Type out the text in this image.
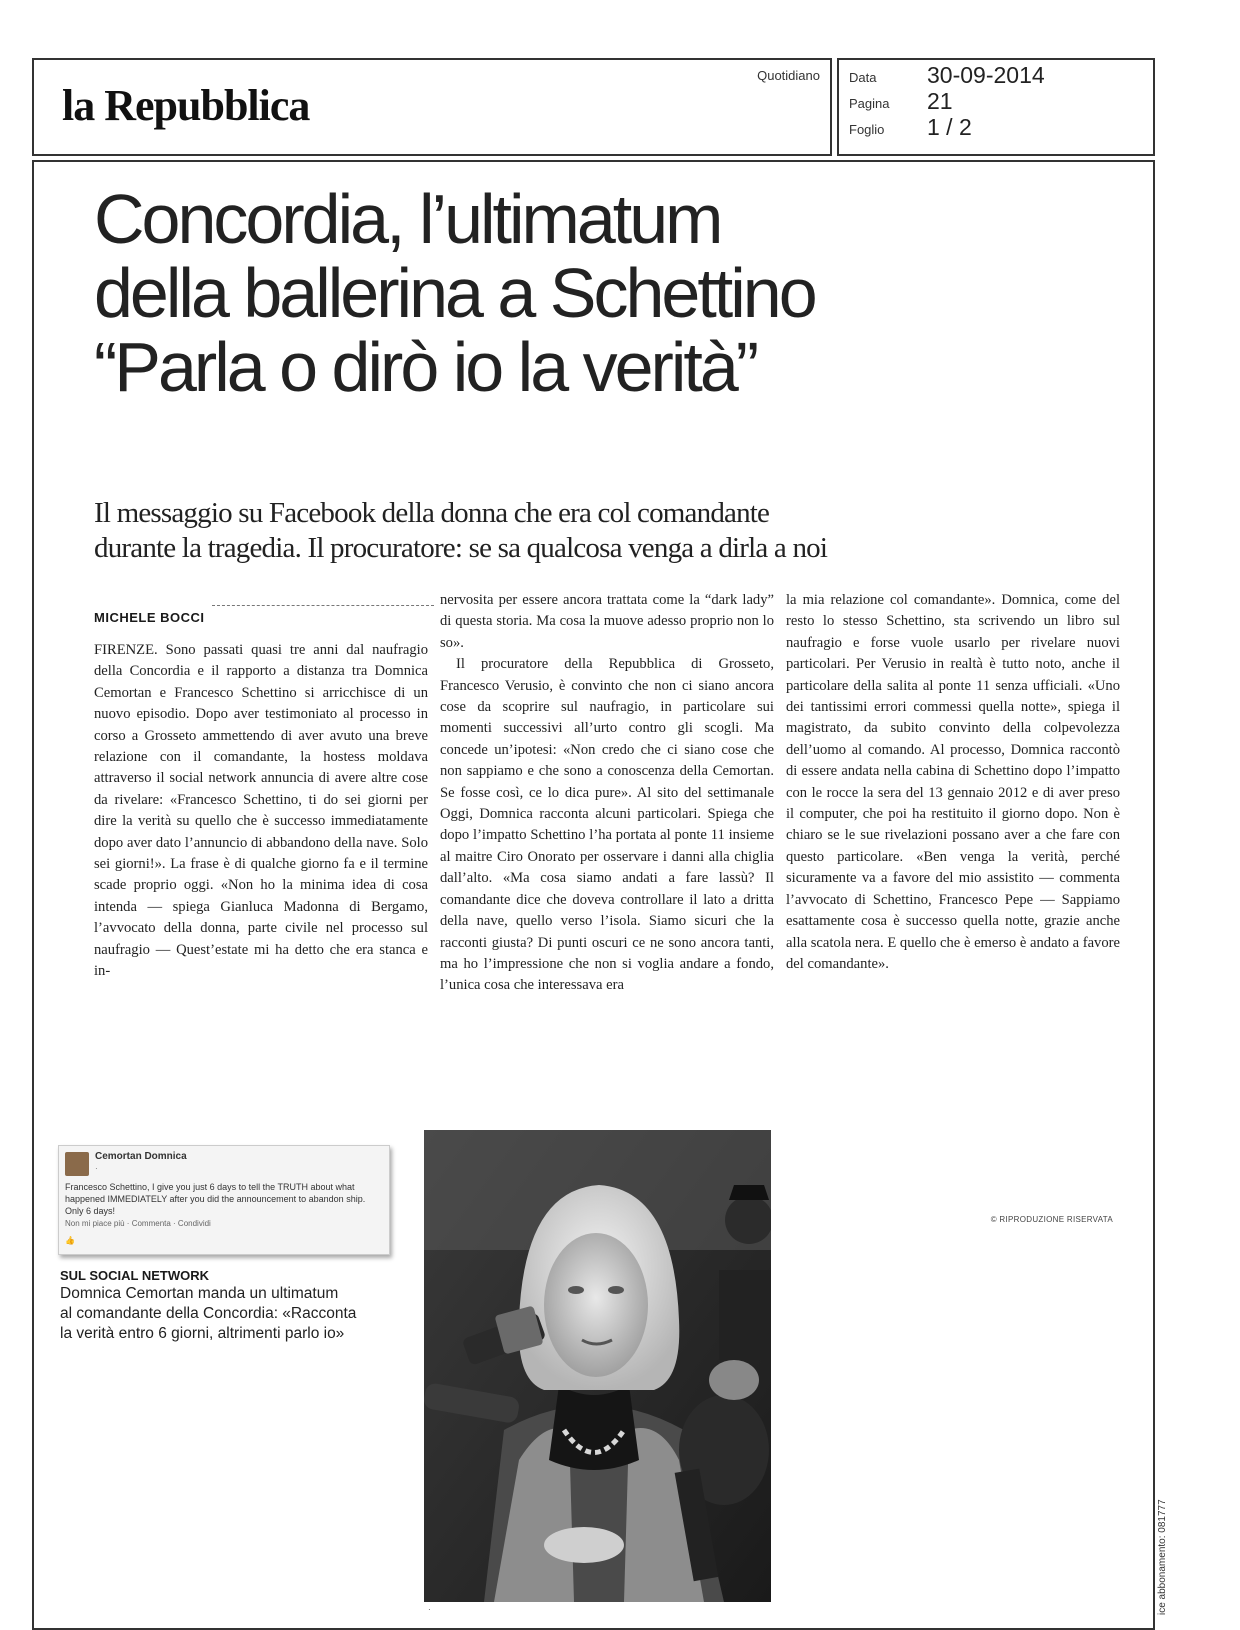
la Repubblica
Quotidiano Data 30-09-2014
Pagina 21
Foglio 1 / 2
Concordia, l’ultimatum
della ballerina a Schettino
“Parla o dirò io la verità”
Il messaggio su Facebook della donna che era col comandante
durante la tragedia. Il procuratore: se sa qualcosa venga a dirla a noi
MICHELE BOCCI

FIRENZE. Sono passati quasi tre anni dal naufragio della Concordia e il rapporto a distanza tra Domnica Cemortan e Francesco Schettino si arricchisce di un nuovo episodio. Dopo aver testimoniato al processo in corso a Grosseto ammettendo di aver avuto una breve relazione con il comandante, la hostess moldava attraverso il social network annuncia di avere altre cose da rivelare: «Francesco Schettino, ti do sei giorni per dire la verità su quello che è successo immediatamente dopo aver dato l’annuncio di abbandono della nave. Solo sei giorni!». La frase è di qualche giorno fa e il termine scade proprio oggi. «Non ho la minima idea di cosa intenda — spiega Gianluca Madonna di Bergamo, l’avvocato della donna, parte civile nel processo sul naufragio — Quest’estate mi ha detto che era stanca e in-

nervosita per essere ancora trattata come la “dark lady” di questa storia. Ma cosa la muove adesso proprio non lo so».

Il procuratore della Repubblica di Grosseto, Francesco Verusio, è convinto che non ci siano ancora cose da scoprire sul naufragio, in particolare sui momenti successivi all’urto contro gli scogli. Ma concede un’ipotesi: «Non credo che ci siano cose che non sappiamo e che sono a conoscenza della Cemortan. Se fosse così, ce lo dica pure». Al sito del settimanale Oggi, Domnica racconta alcuni particolari. Spiega che dopo l’impatto Schettino l’ha portata al ponte 11 insieme al maitre Ciro Onorato per osservare i danni alla chiglia dall’alto. «Ma cosa siamo andati a fare lassù? Il comandante dice che doveva controllare il lato a dritta della nave, quello verso l’isola. Siamo sicuri che la racconti giusta? Di punti oscuri ce ne sono ancora tanti, ma ho l’impressione che non si voglia andare a fondo, l’unica cosa che interessava era

la mia relazione col comandante». Domnica, come del resto lo stesso Schettino, sta scrivendo un libro sul naufragio e forse vuole usarlo per rivelare nuovi particolari. Per Verusio in realtà è tutto noto, anche il particolare della salita al ponte 11 senza ufficiali. «Uno dei tantissimi errori commessi quella notte», spiega il magistrato, da subito convinto della colpevolezza dell’uomo al comando. Al processo, Domnica raccontò di essere andata nella cabina di Schettino dopo l’impatto con le rocce la sera del 13 gennaio 2012 e di aver preso il computer, che poi ha restituito il giorno dopo. Non è chiaro se le sue rivelazioni possano aver a che fare con questo particolare. «Ben venga la verità, perché sicuramente va a favore del mio assistito — commenta l’avvocato di Schettino, Francesco Pepe — Sappiamo esattamente cosa è successo quella notte, grazie anche alla scatola nera. E quello che è emerso è andato a favore del comandante».

© RIPRODUZIONE RISERVATA
Cemortan Domnica
·
Francesco Schettino, I give you just 6 days to tell the TRUTH about what happened IMMEDIATELY after you did the announcement to abandon ship. Only 6 days!
Non mi piace più · Commenta · Condividi
👍
SUL SOCIAL NETWORK
Domnica Cemortan manda un ultimatum
al comandante della Concordia: «Racconta
la verità entro 6 giorni, altrimenti parlo io»
·	ice abbonamento: 081777
